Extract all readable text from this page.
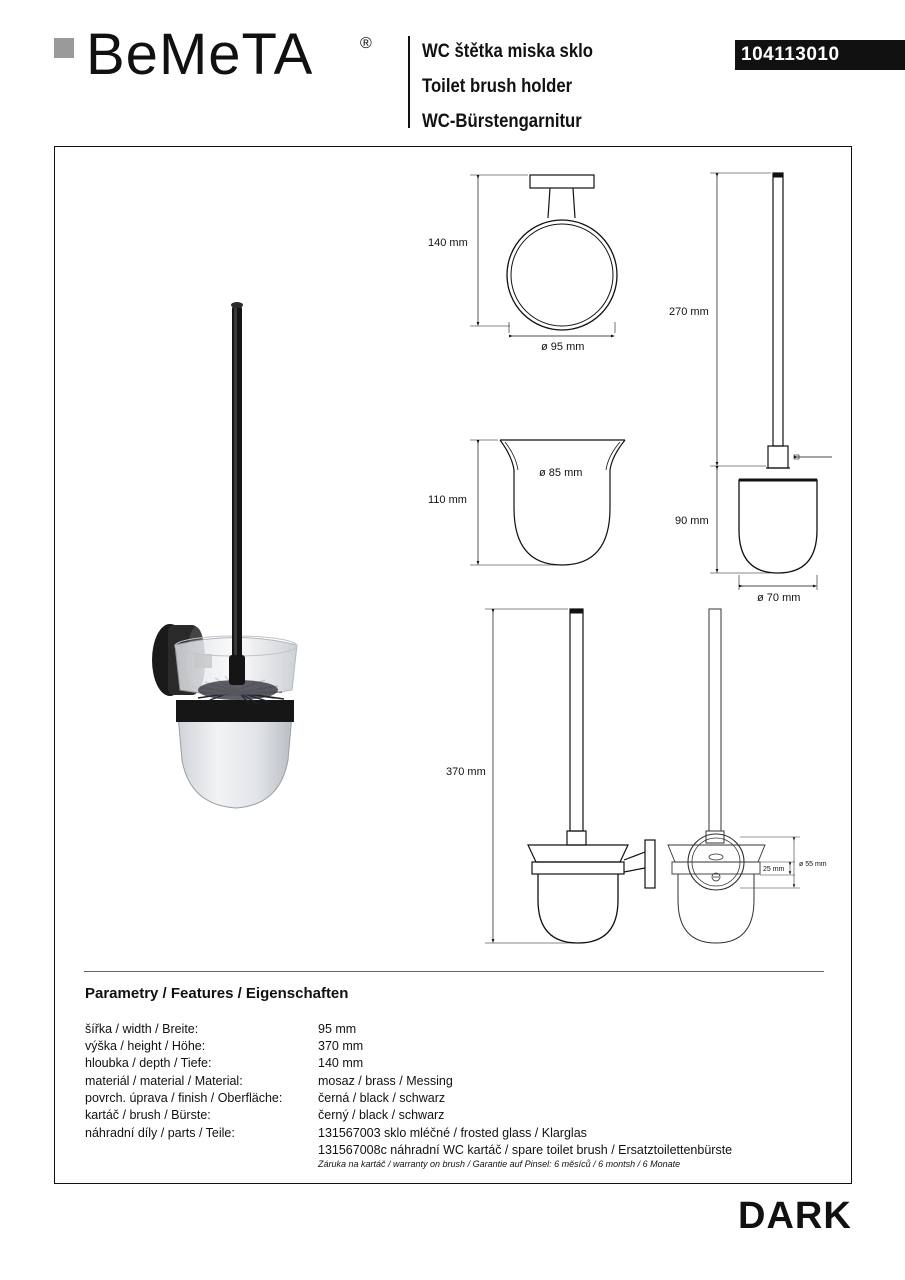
BeMeTA	®	WC štětka miska sklo
Toilet brush holder
WC-Bürstengarnitur
104113010
140 mm
ø 95 mm
270 mm
ø 85 mm
110 mm
90 mm
ø 70 mm
370 mm
25 mm
ø 55 mm
Parametry / Features / Eigenschaften
šířka / width / Breite:	95 mm
výška / height / Höhe:	370 mm
hloubka / depth / Tiefe:	140 mm
materiál / material / Material:	mosaz / brass / Messing
povrch. úprava / finish / Oberfläche:	černá / black / schwarz
kartáč / brush / Bürste:	černý / black / schwarz
náhradní díly / parts / Teile:	131567003 sklo mléčné / frosted glass / Klarglas
131567008c náhradní WC kartáč / spare toilet brush / Ersatztoilettenbürste
Záruka na kartáč / warranty on brush / Garantie auf Pinsel: 6 měsíců / 6 montsh / 6 Monate
DARK
